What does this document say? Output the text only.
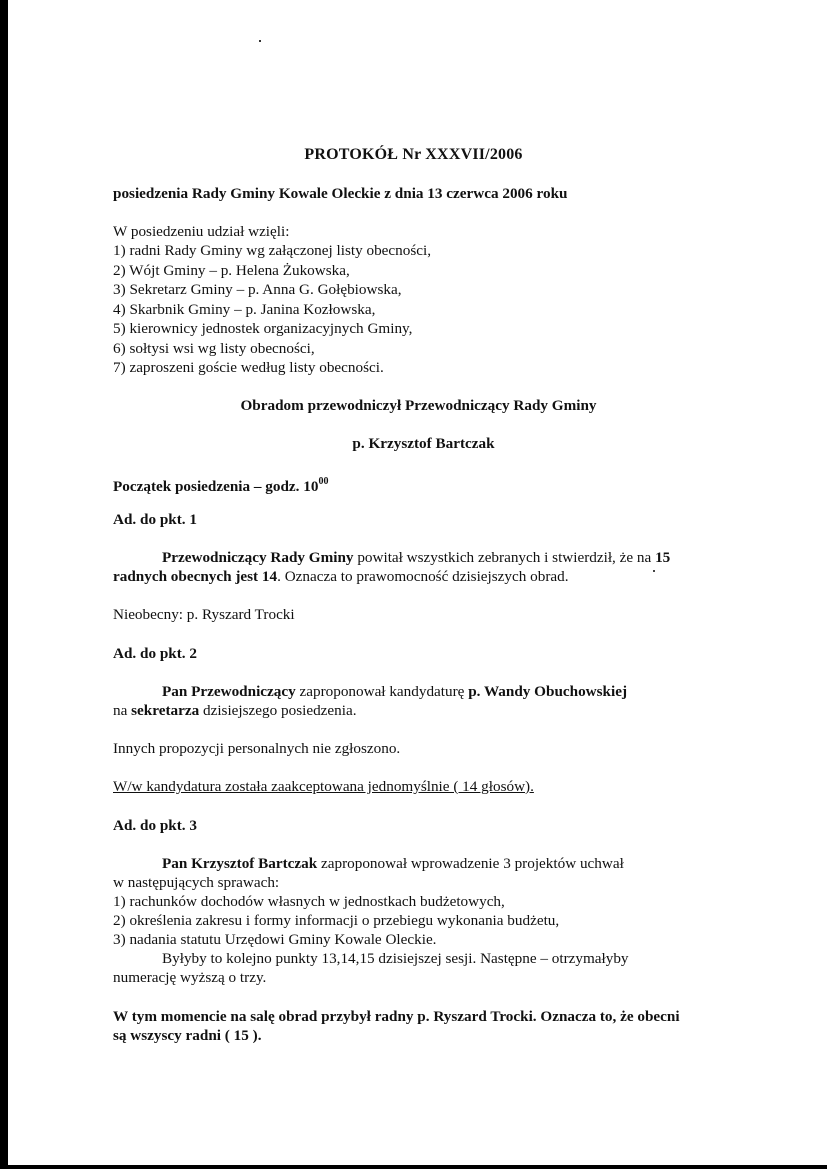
PROTOKÓŁ Nr XXXVII/2006
posiedzenia Rady Gminy Kowale Oleckie z dnia 13 czerwca 2006 roku
W posiedzeniu udział wzięli:
1) radni Rady Gminy wg załączonej listy obecności,
2) Wójt Gminy – p. Helena Żukowska,
3) Sekretarz Gminy – p. Anna G. Gołębiowska,
4) Skarbnik Gminy – p. Janina Kozłowska,
5) kierownicy jednostek organizacyjnych Gminy,
6) sołtysi wsi wg listy obecności,
7) zaproszeni goście według listy obecności.
Obradom przewodniczył Przewodniczący Rady Gminy
p. Krzysztof Bartczak
Początek posiedzenia – godz. $10^{00}$
Ad. do pkt. 1
Przewodniczący Rady Gminy powitał wszystkich zebranych i stwierdził, że na 15
radnych obecnych jest 14. Oznacza to prawomocność dzisiejszych obrad.
Nieobecny: p. Ryszard Trocki
Ad. do pkt. 2
Pan Przewodniczący zaproponował kandydaturę p. Wandy Obuchowskiej
na sekretarza dzisiejszego posiedzenia.
Innych propozycji personalnych nie zgłoszono.
W/w kandydatura została zaakceptowana jednomyślnie ( 14 głosów).
Ad. do pkt. 3
Pan Krzysztof Bartczak zaproponował wprowadzenie 3 projektów uchwał
w następujących sprawach:
1) rachunków dochodów własnych w jednostkach budżetowych,
2) określenia zakresu i formy informacji o przebiegu wykonania budżetu,
3) nadania statutu Urzędowi Gminy Kowale Oleckie.
Byłyby to kolejno punkty 13,14,15 dzisiejszej sesji. Następne – otrzymałyby
numerację wyższą o trzy.
W tym momencie na salę obrad przybył radny p. Ryszard Trocki. Oznacza to, że obecni
są wszyscy radni ( 15 ).
